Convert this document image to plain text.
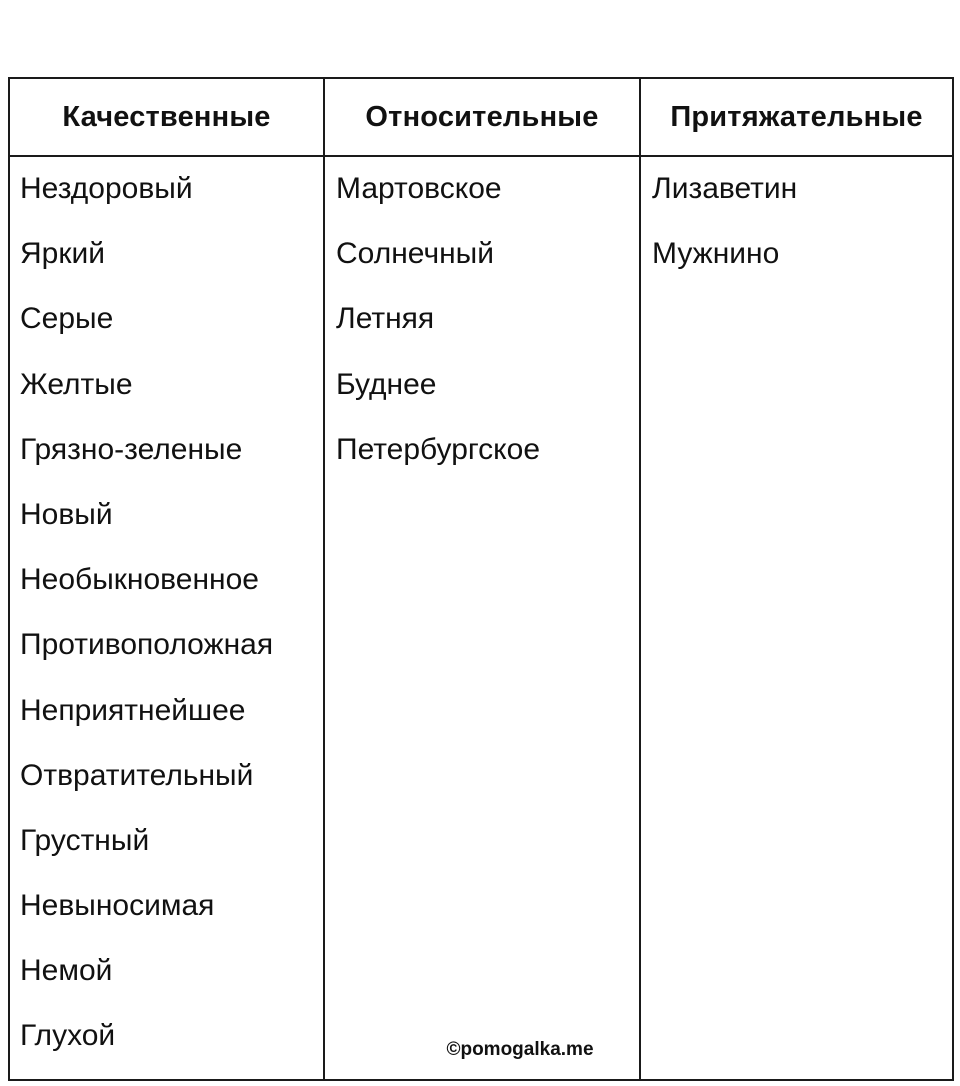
Качественные	Относительные	Притяжательные
Нездоровый
Яркий
Серые
Желтые
Грязно-зеленые
Новый
Необыкновенное
Противоположная
Неприятнейшее
Отвратительный
Грустный
Невыносимая
Немой
Глухой
Мартовское
Солнечный
Летняя
Буднее
Петербургское
Лизаветин
Мужнино
©pomogalka.me
